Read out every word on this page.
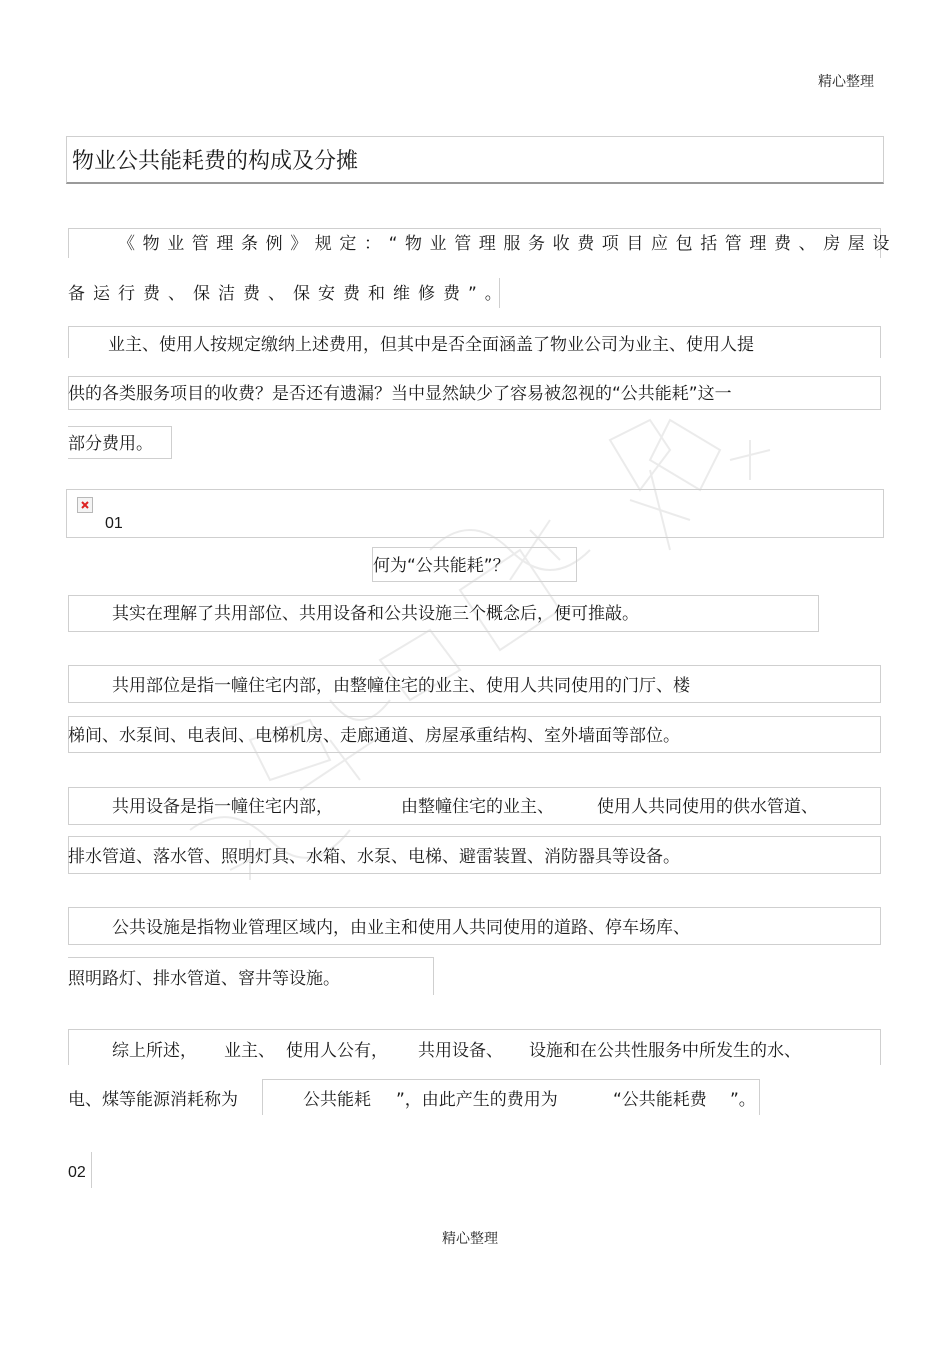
精心整理
精心整理
物业公共能耗费的构成及分摊
《物业管理条例》规定：“物业管理服务收费项目应包括管理费、房屋设
备运行费、保洁费、保安费和维修费”。
业主、使用人按规定缴纳上述费用，但其中是否全面涵盖了物业公司为业主、使用人提
供的各类服务项目的收费？是否还有遗漏？当中显然缺少了容易被忽视的“公共能耗”这一
部分费用。
01
何为“公共能耗”？
其实在理解了共用部位、共用设备和公共设施三个概念后，便可推敲。
共用部位是指一幢住宅内部，由整幢住宅的业主、使用人共同使用的门厅、楼
梯间、水泵间、电表间、电梯机房、走廊通道、房屋承重结构、室外墙面等部位。
共用设备是指一幢住宅内部，	由整幢住宅的业主、	使用人共同使用的供水管道、
排水管道、落水管、照明灯具、水箱、水泵、电梯、避雷装置、消防器具等设备。
公共设施是指物业管理区域内，由业主和使用人共同使用的道路、停车场库、
照明路灯、排水管道、窨井等设施。
综上所述， 业主、 使用人公有， 共用设备、 设施和在公共性服务中所发生的水、
电、煤等能源消耗称为	公共能耗 ”，由此产生的费用为	“公共能耗费 ”。
02
